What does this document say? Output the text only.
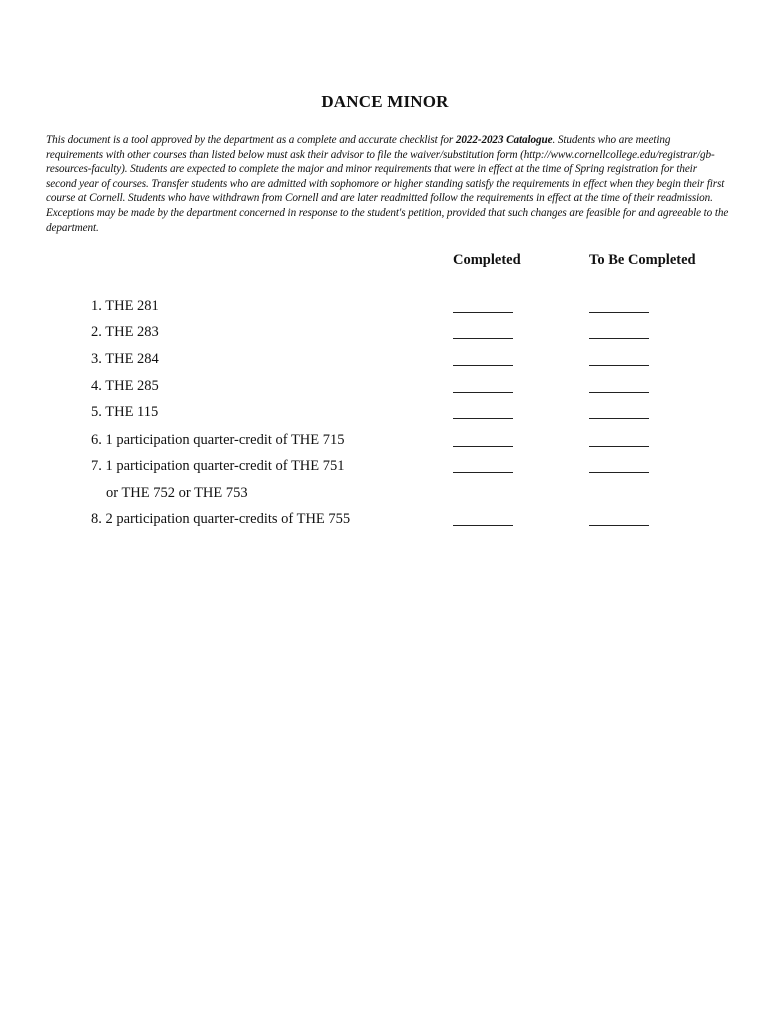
DANCE MINOR
This document is a tool approved by the department as a complete and accurate checklist for 2022-2023 Catalogue. Students who are meeting requirements with other courses than listed below must ask their advisor to file the waiver/substitution form (http://www.cornellcollege.edu/registrar/gb-resources-faculty). Students are expected to complete the major and minor requirements that were in effect at the time of Spring registration for their second year of courses. Transfer students who are admitted with sophomore or higher standing satisfy the requirements in effect when they begin their first course at Cornell. Students who have withdrawn from Cornell and are later readmitted follow the requirements in effect at the time of their readmission. Exceptions may be made by the department concerned in response to the student's petition, provided that such changes are feasible for and agreeable to the department.
Completed	To Be Completed
1. THE 281
2. THE 283
3. THE 284
4. THE 285
5. THE 115
6. 1 participation quarter-credit of THE 715
7. 1 participation quarter-credit of THE 751
or THE 752 or THE 753
8. 2 participation quarter-credits of THE 755
